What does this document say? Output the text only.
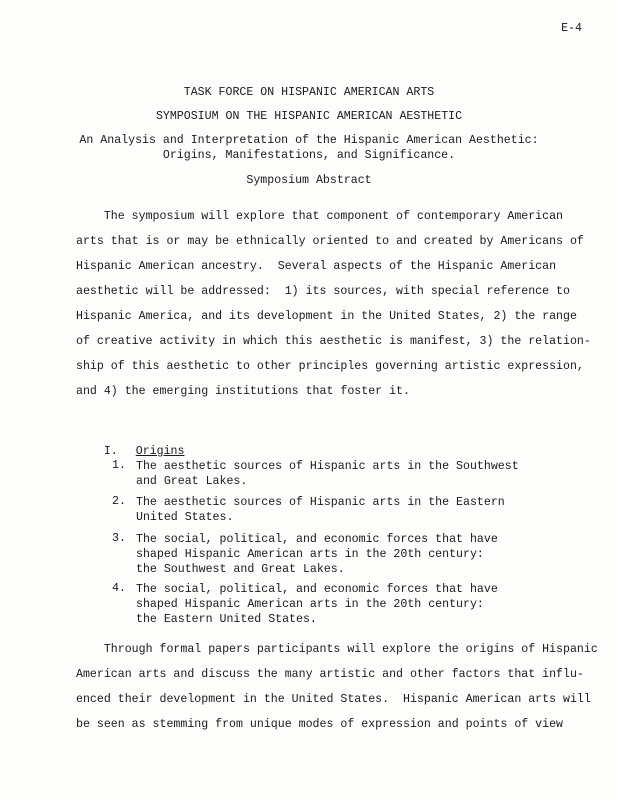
E-4
TASK FORCE ON HISPANIC AMERICAN ARTS
SYMPOSIUM ON THE HISPANIC AMERICAN AESTHETIC
An Analysis and Interpretation of the Hispanic American Aesthetic:
Origins, Manifestations, and Significance.
Symposium Abstract
The symposium will explore that component of contemporary American
arts that is or may be ethnically oriented to and created by Americans of
Hispanic American ancestry.  Several aspects of the Hispanic American
aesthetic will be addressed:  1) its sources, with special reference to
Hispanic America, and its development in the United States, 2) the range
of creative activity in which this aesthetic is manifest, 3) the relation-
ship of this aesthetic to other principles governing artistic expression,
and 4) the emerging institutions that foster it.

I. Origins

1. The aesthetic sources of Hispanic arts in the Southwest
and Great Lakes.
2. The aesthetic sources of Hispanic arts in the Eastern
United States.
3. The social, political, and economic forces that have
shaped Hispanic American arts in the 20th century:
the Southwest and Great Lakes.
4. The social, political, and economic forces that have
shaped Hispanic American arts in the 20th century:
the Eastern United States.
Through formal papers participants will explore the origins of Hispanic
American arts and discuss the many artistic and other factors that influ-
enced their development in the United States.  Hispanic American arts will
be seen as stemming from unique modes of expression and points of view
